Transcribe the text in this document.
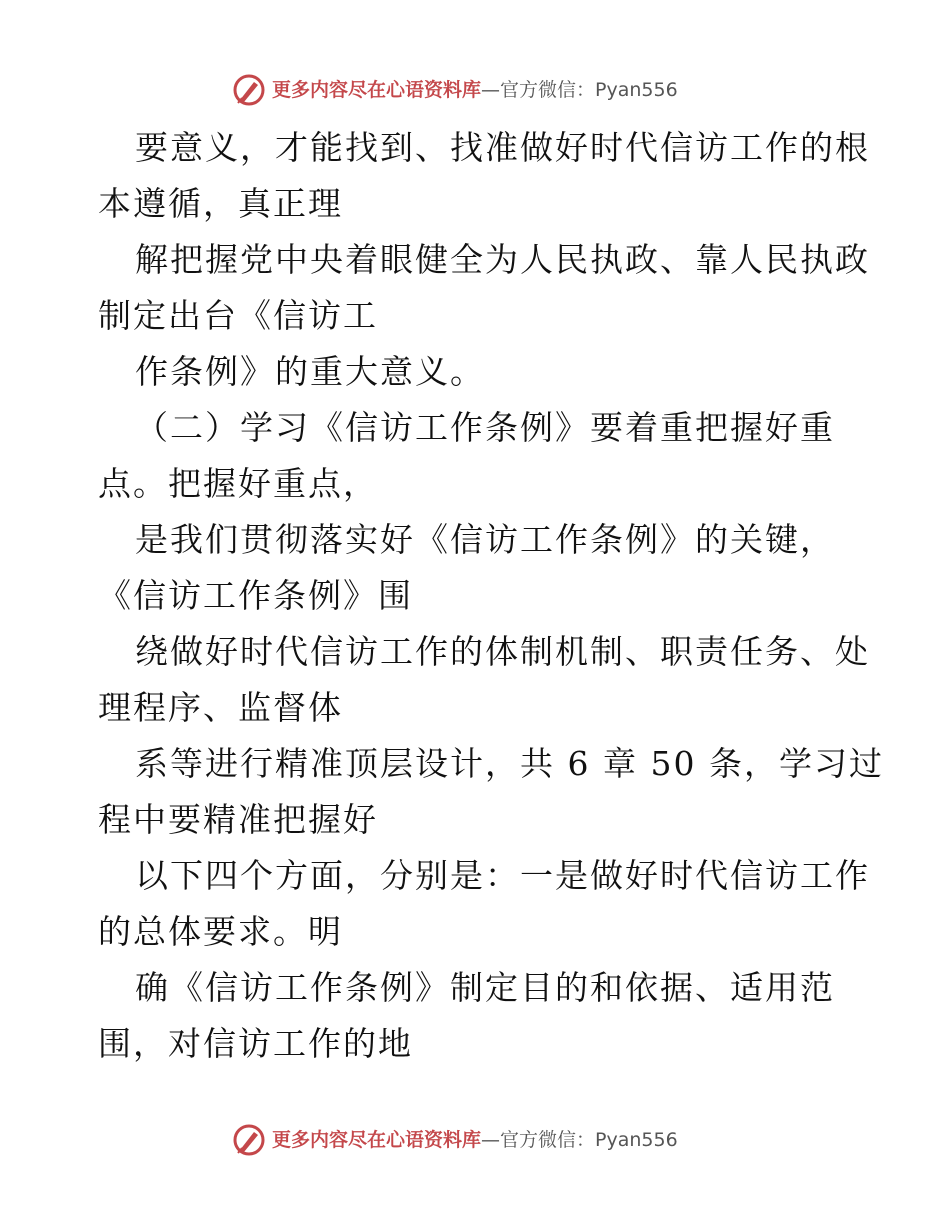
更多内容尽在心语资料库—官方微信：Pyan556
要意义，才能找到、找准做好时代信访工作的根
本遵循，真正理
解把握党中央着眼健全为人民执政、靠人民执政
制定出台《信访工
作条例》的重大意义。
（二）学习《信访工作条例》要着重把握好重
点。把握好重点，
是我们贯彻落实好《信访工作条例》的关键，
《信访工作条例》围
绕做好时代信访工作的体制机制、职责任务、处
理程序、监督体
系等进行精准顶层设计，共 6 章 50 条，学习过
程中要精准把握好
以下四个方面，分别是：一是做好时代信访工作
的总体要求。明
确《信访工作条例》制定目的和依据、适用范
围，对信访工作的地
更多内容尽在心语资料库—官方微信：Pyan556
